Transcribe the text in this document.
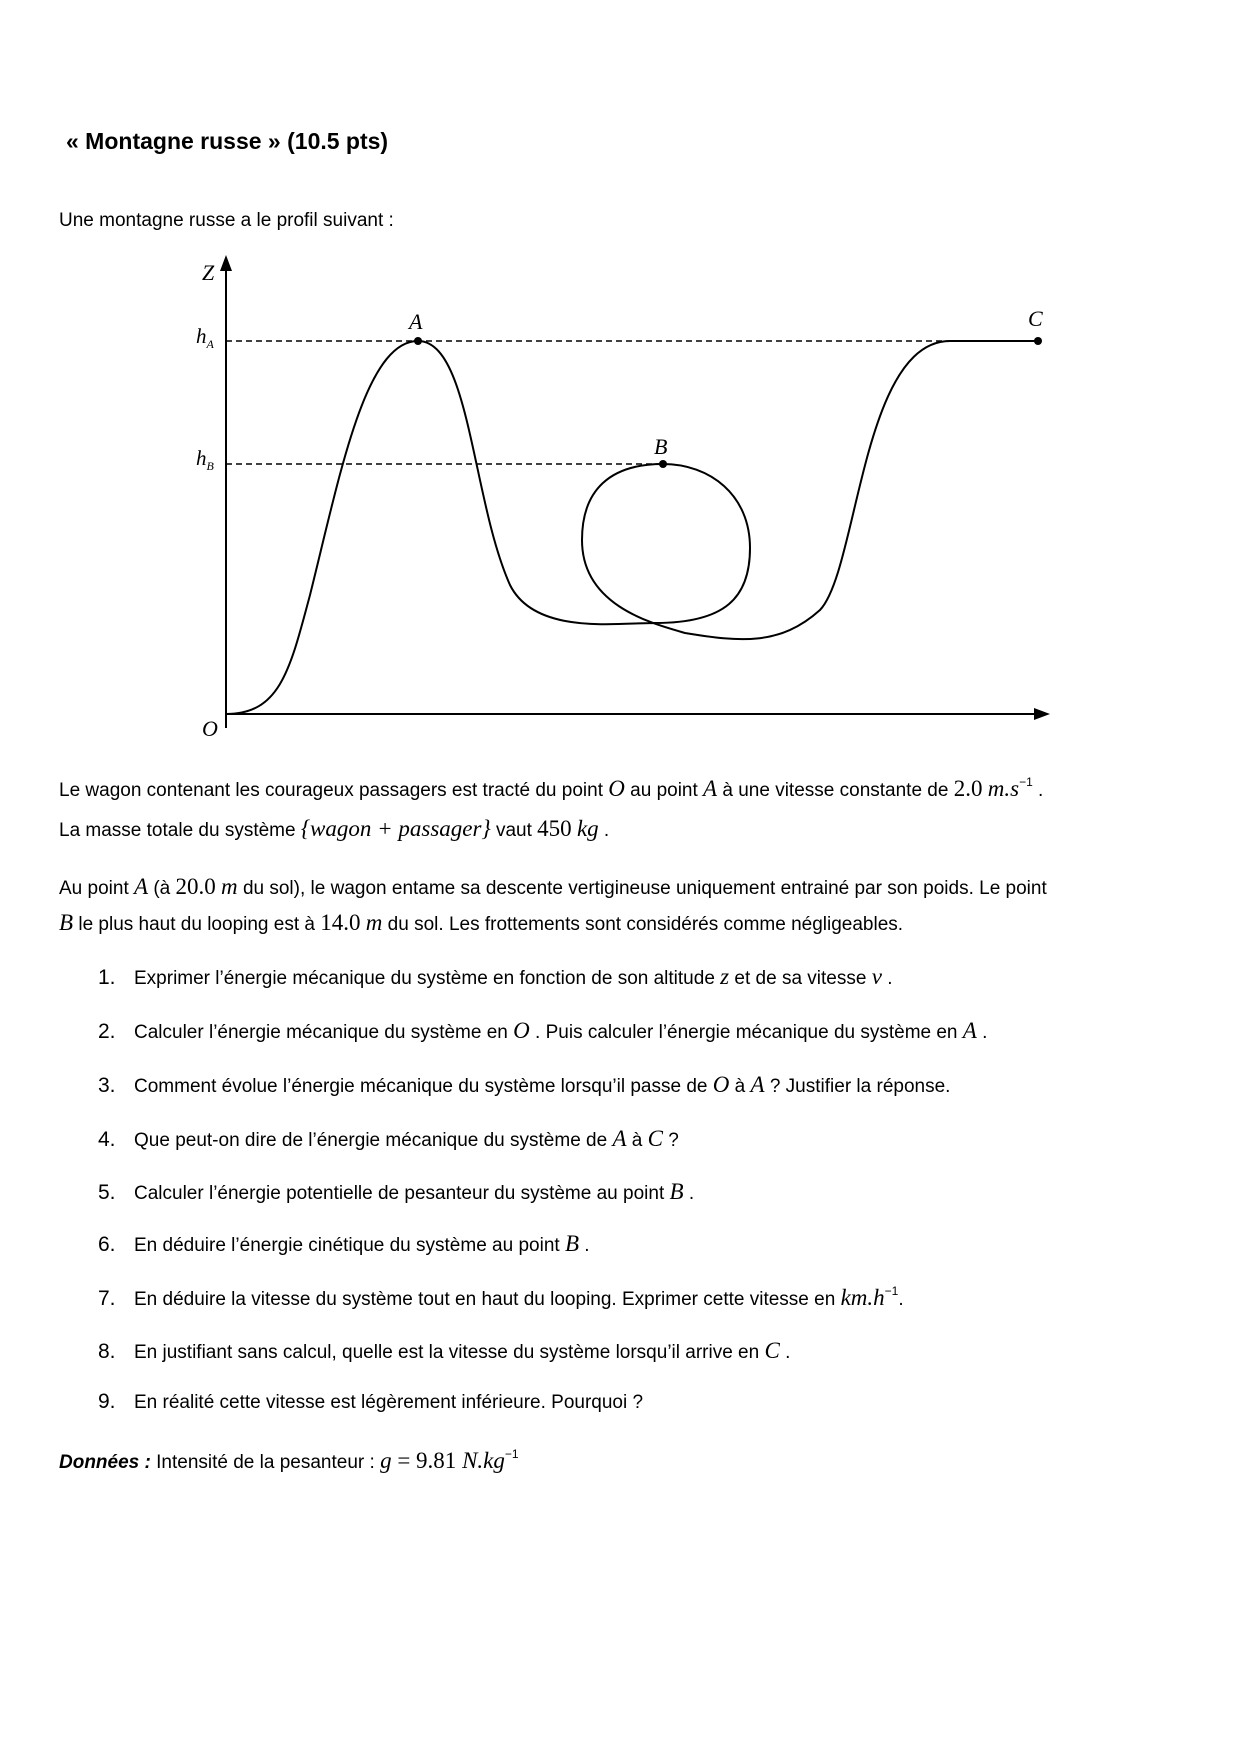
« Montagne russe » (10.5 pts)
Une montagne russe a le profil suivant :
Z
O
$h_A$
$h_B$
A
B
C
Le wagon contenant les courageux passagers est tracté du point O au point A à une vitesse constante de 2.0 $m.s^{-1}$ .
La masse totale du système {wagon + passager} vaut 450 kg .
Au point A (à 20.0 m du sol), le wagon entame sa descente vertigineuse uniquement entrainé par son poids. Le point
B le plus haut du looping est à 14.0 m du sol. Les frottements sont considérés comme négligeables.
1. Exprimer l’énergie mécanique du système en fonction de son altitude z et de sa vitesse v .
2. Calculer l’énergie mécanique du système en O . Puis calculer l’énergie mécanique du système en A .
3. Comment évolue l’énergie mécanique du système lorsqu’il passe de O à A ? Justifier la réponse.
4. Que peut-on dire de l’énergie mécanique du système de A à C ?
5. Calculer l’énergie potentielle de pesanteur du système au point B .
6. En déduire l’énergie cinétique du système au point B .
7. En déduire la vitesse du système tout en haut du looping. Exprimer cette vitesse en $km.h^{-1}$.
8. En justifiant sans calcul, quelle est la vitesse du système lorsqu’il arrive en C .
9. En réalité cette vitesse est légèrement inférieure. Pourquoi ?
Données : Intensité de la pesanteur : g = 9.81 $N.kg^{-1}$
